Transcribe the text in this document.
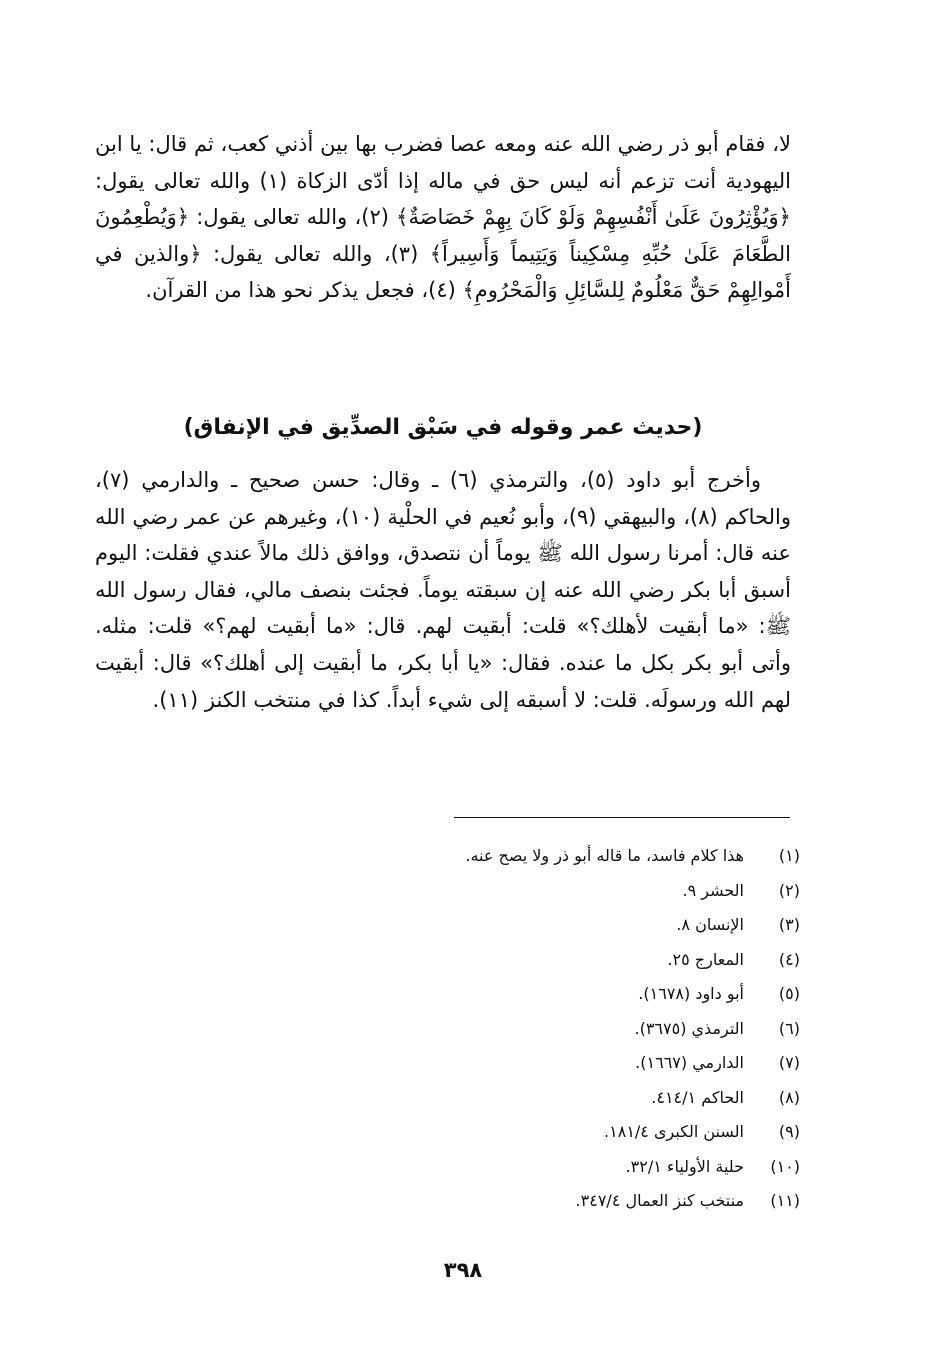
لا، فقام أبو ذر رضي الله عنه ومعه عصا فضرب بها بين أذني كعب، ثم قال: يا ابن اليهودية أنت تزعم أنه ليس حق في ماله إذا أدّى الزكاة (١) والله تعالى يقول: ﴿وَيُؤْثِرُونَ عَلَىٰ أَنْفُسِهِمْ وَلَوْ كَانَ بِهِمْ خَصَاصَةٌ﴾ (٢)، والله تعالى يقول: ﴿وَيُطْعِمُونَ الطَّعَامَ عَلَىٰ حُبِّهِ مِسْكِيناً وَيَتِيماً وَأَسِيراً﴾ (٣)، والله تعالى يقول: ﴿والذين في أَمْوالِهِمْ حَقٌّ مَعْلُومٌ لِلسَّائِلِ وَالْمَحْرُومِ﴾ (٤)، فجعل يذكر نحو هذا من القرآن.

(حديث عمر وقوله في سَبْق الصدِّيق في الإنفاق)

وأخرج أبو داود (٥)، والترمذي (٦) ـ وقال: حسن صحيح ـ والدارمي (٧)، والحاكم (٨)، والبيهقي (٩)، وأبو نُعيم في الحلْية (١٠)، وغيرهم عن عمر رضي الله عنه قال: أمرنا رسول الله ﷺ يوماً أن نتصدق، ووافق ذلك مالاً عندي فقلت: اليوم أسبق أبا بكر رضي الله عنه إن سبقته يوماً. فجئت بنصف مالي، فقال رسول الله ﷺ: «ما أبقيت لأهلك؟» قلت: أبقيت لهم. قال: «ما أبقيت لهم؟» قلت: مثله. وأتى أبو بكر بكل ما عنده. فقال: «يا أبا بكر، ما أبقيت إلى أهلك؟» قال: أبقيت لهم الله ورسولَه. قلت: لا أسبقه إلى شيء أبداً. كذا في منتخب الكنز (١١).

(١)هذا كلام فاسد، ما قاله أبو ذر ولا يصح عنه.
(٢)الحشر ٩.
(٣)الإنسان ٨.
(٤)المعارج ٢٥.
(٥)أبو داود (١٦٧٨).
(٦)الترمذي (٣٦٧٥).
(٧)الدارمي (١٦٦٧).
(٨)الحاكم ٤١٤/١.
(٩)السنن الكبرى ١٨١/٤.
(١٠)حلية الأولياء ٣٢/١.
(١١)منتخب كنز العمال ٣٤٧/٤.
٣٩٨
